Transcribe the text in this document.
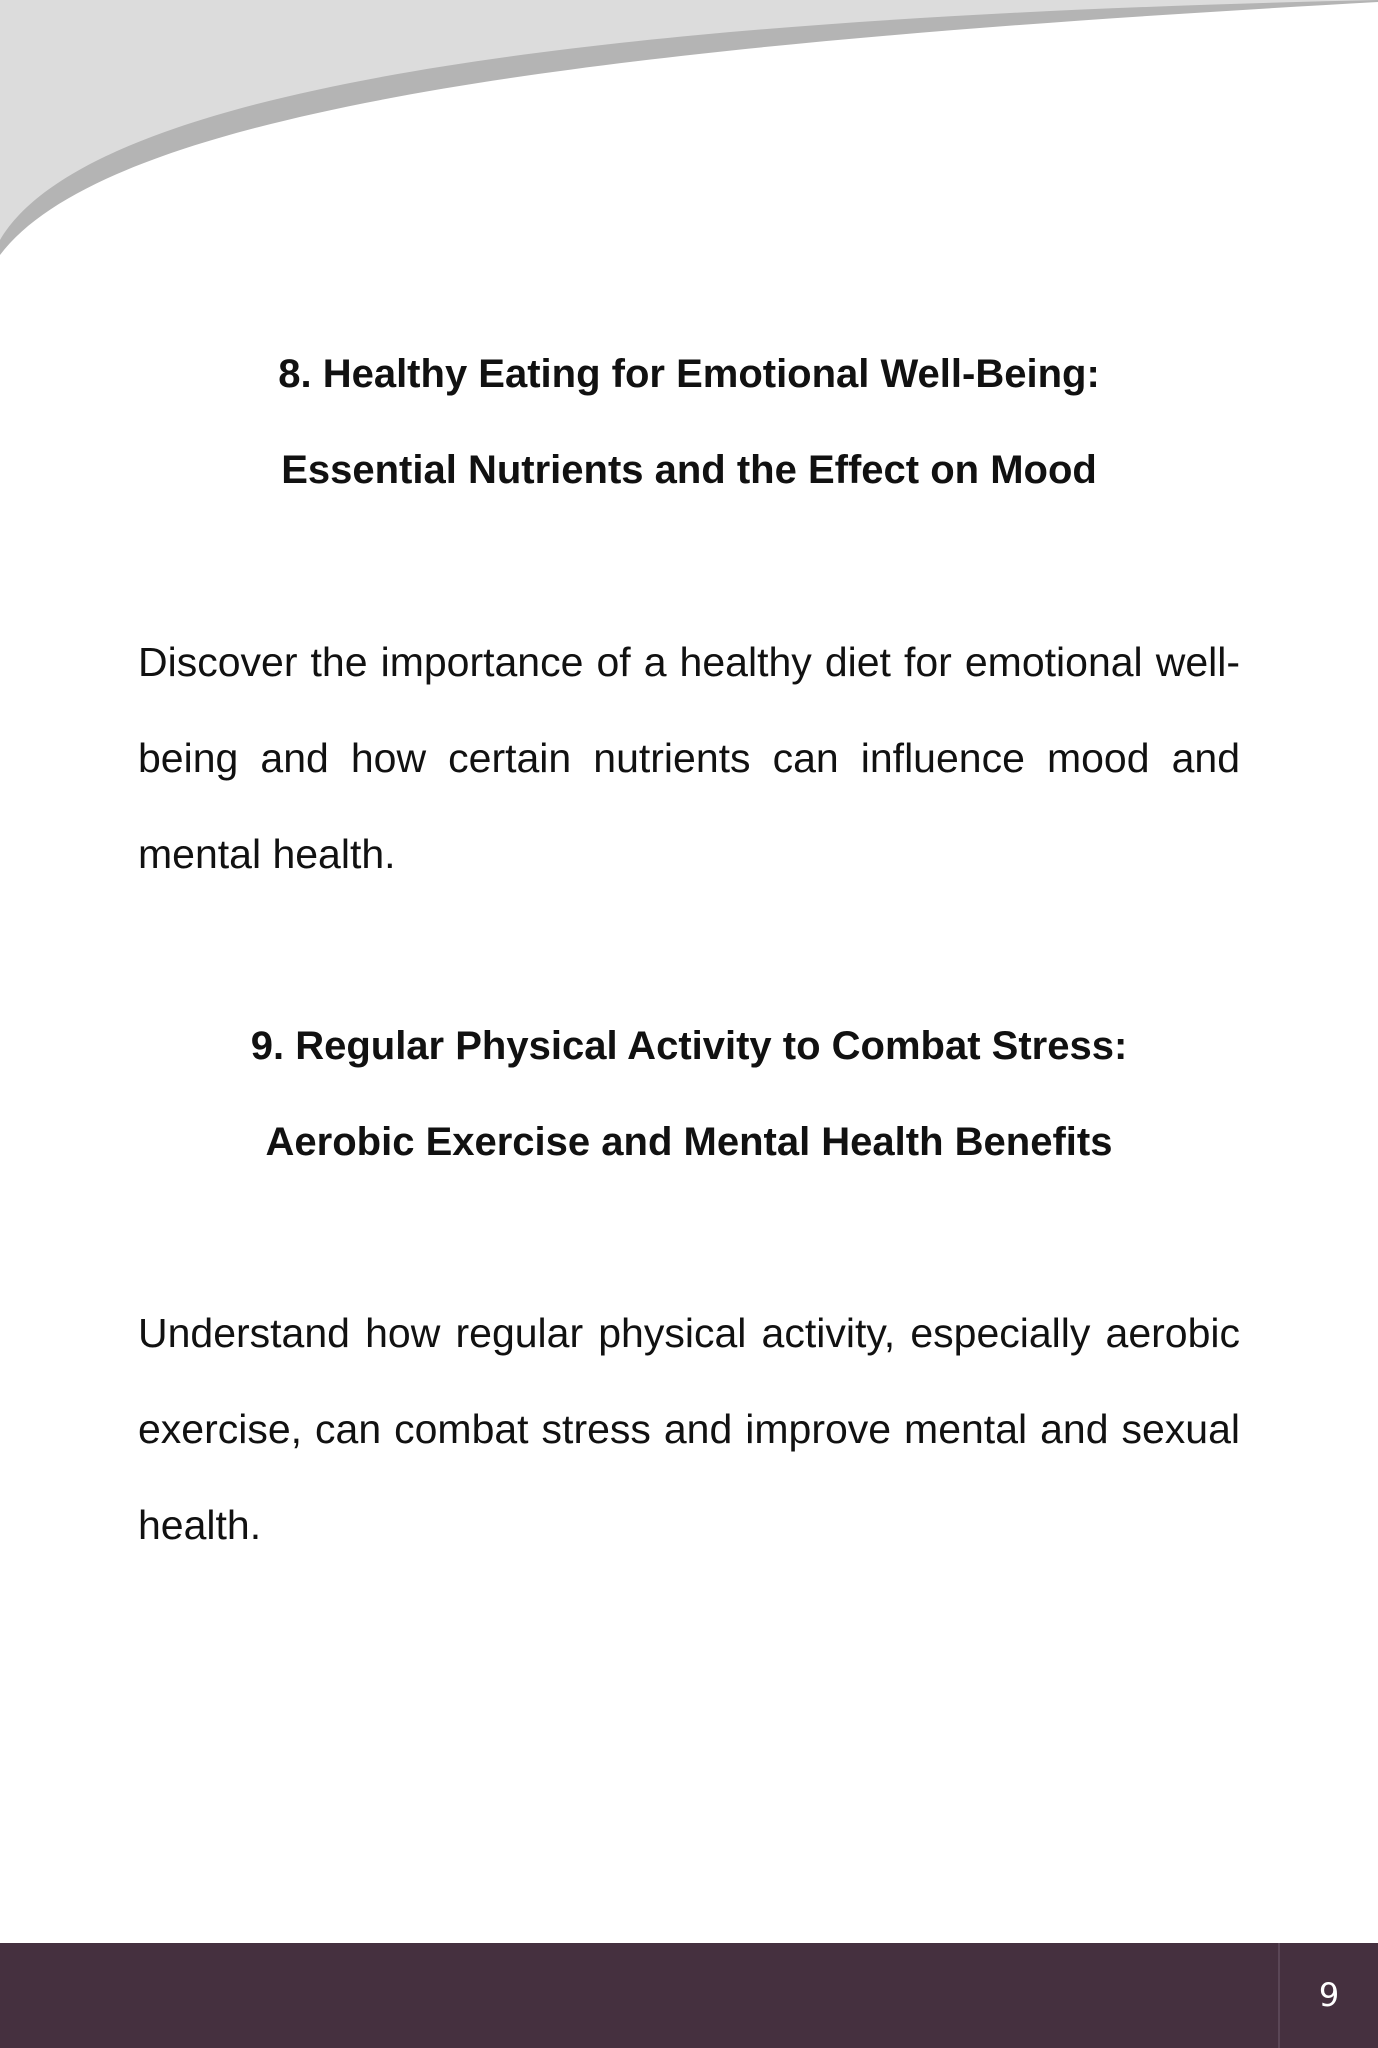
8. Healthy Eating for Emotional Well-Being:
Essential Nutrients and the Effect on Mood

Discover the importance of a healthy diet for emotional well-being and how certain nutrients can influence mood and mental health.

9. Regular Physical Activity to Combat Stress:
Aerobic Exercise and Mental Health Benefits

Understand how regular physical activity, especially aerobic exercise, can combat stress and improve mental and sexual health.

9
